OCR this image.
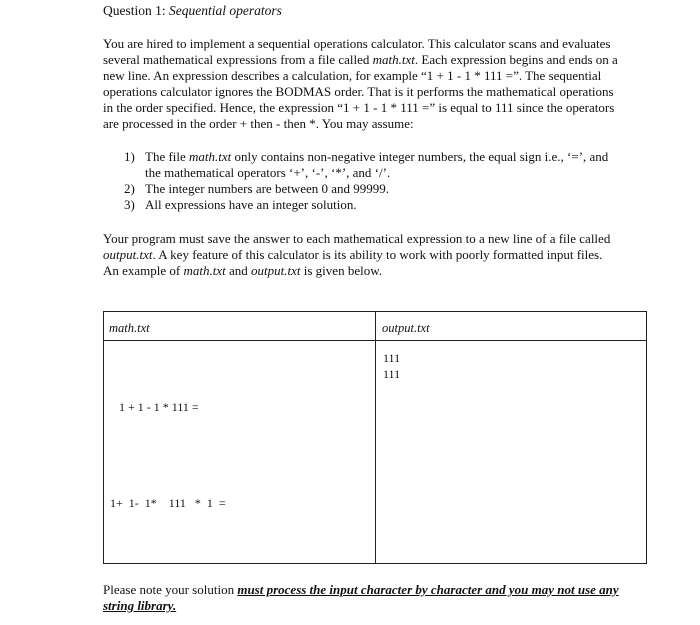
Question 1: Sequential operators
You are hired to implement a sequential operations calculator. This calculator scans and evaluates
several mathematical expressions from a file called math.txt. Each expression begins and ends on a
new line. An expression describes a calculation, for example “1 + 1 - 1 * 111 =”. The sequential
operations calculator ignores the BODMAS order. That is it performs the mathematical operations
in the order specified. Hence, the expression “1 + 1 - 1 * 111 =” is equal to 111 since the operators
are processed in the order + then - then *. You may assume:
1) The file math.txt only contains non-negative integer numbers, the equal sign i.e., ‘=’, and
the mathematical operators ‘+’, ‘-’, ‘*’, and ‘/’.
2) The integer numbers are between 0 and 99999.
3) All expressions have an integer solution.
Your program must save the answer to each mathematical expression to a new line of a file called
output.txt. A key feature of this calculator is its ability to work with poorly formatted input files.
An example of math.txt and output.txt is given below.
math.txt	output.txt
1 + 1 - 1 * 111 =
1+  1-  1*    111   *  1  =
111
111
Please note your solution must process the input character by character and you may not use any
string library.
